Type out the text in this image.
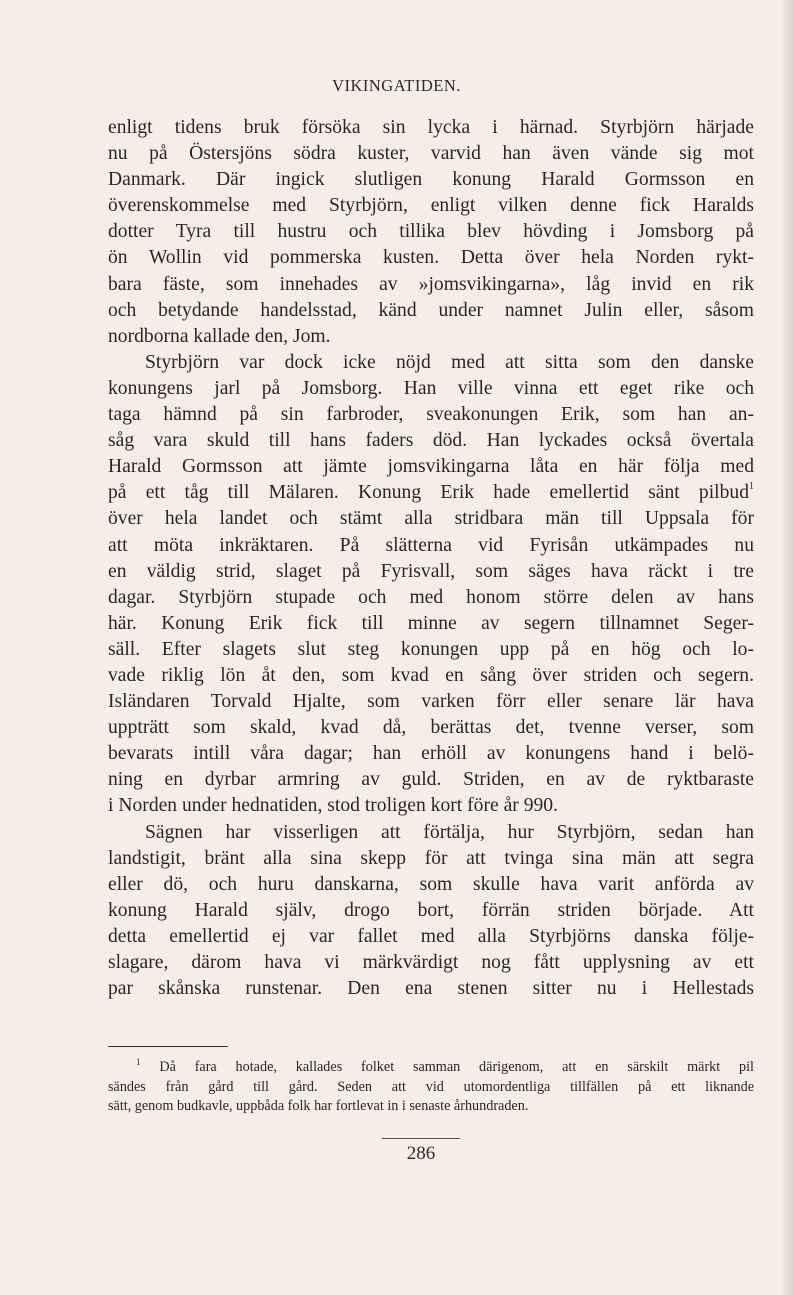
VIKINGATIDEN.
enligt tidens bruk försöka sin lycka i härnad. Styrbjörn härjade
nu på Östersjöns södra kuster, varvid han även vände sig mot
Danmark. Där ingick slutligen konung Harald Gormsson en
överenskommelse med Styrbjörn, enligt vilken denne fick Haralds
dotter Tyra till hustru och tillika blev hövding i Jomsborg på
ön Wollin vid pommerska kusten. Detta över hela Norden rykt-
bara fäste, som innehades av »jomsvikingarna», låg invid en rik
och betydande handelsstad, känd under namnet Julin eller, såsom
nordborna kallade den, Jom.
Styrbjörn var dock icke nöjd med att sitta som den danske
konungens jarl på Jomsborg. Han ville vinna ett eget rike och
taga hämnd på sin farbroder, sveakonungen Erik, som han an-
såg vara skuld till hans faders död. Han lyckades också övertala
Harald Gormsson att jämte jomsvikingarna låta en här följa med
på ett tåg till Mälaren. Konung Erik hade emellertid sänt pilbud$^1$
över hela landet och stämt alla stridbara män till Uppsala för
att möta inkräktaren. På slätterna vid Fyrisån utkämpades nu
en väldig strid, slaget på Fyrisvall, som säges hava räckt i tre
dagar. Styrbjörn stupade och med honom större delen av hans
här. Konung Erik fick till minne av segern tillnamnet Seger-
säll. Efter slagets slut steg konungen upp på en hög och lo-
vade riklig lön åt den, som kvad en sång över striden och segern.
Isländaren Torvald Hjalte, som varken förr eller senare lär hava
uppträtt som skald, kvad då, berättas det, tvenne verser, som
bevarats intill våra dagar; han erhöll av konungens hand i belö-
ning en dyrbar armring av guld. Striden, en av de ryktbaraste
i Norden under hednatiden, stod troligen kort före år 990.
Sägnen har visserligen att förtälja, hur Styrbjörn, sedan han
landstigit, bränt alla sina skepp för att tvinga sina män att segra
eller dö, och huru danskarna, som skulle hava varit anförda av
konung Harald själv, drogo bort, förrän striden började. Att
detta emellertid ej var fallet med alla Styrbjörns danska följe-
slagare, därom hava vi märkvärdigt nog fått upplysning av ett
par skånska runstenar. Den ena stenen sitter nu i Hellestads
$^1$ Då fara hotade, kallades folket samman därigenom, att en särskilt märkt pil
sändes från gård till gård. Seden att vid utomordentliga tillfällen på ett liknande
sätt, genom budkavle, uppbåda folk har fortlevat in i senaste århundraden.
286
